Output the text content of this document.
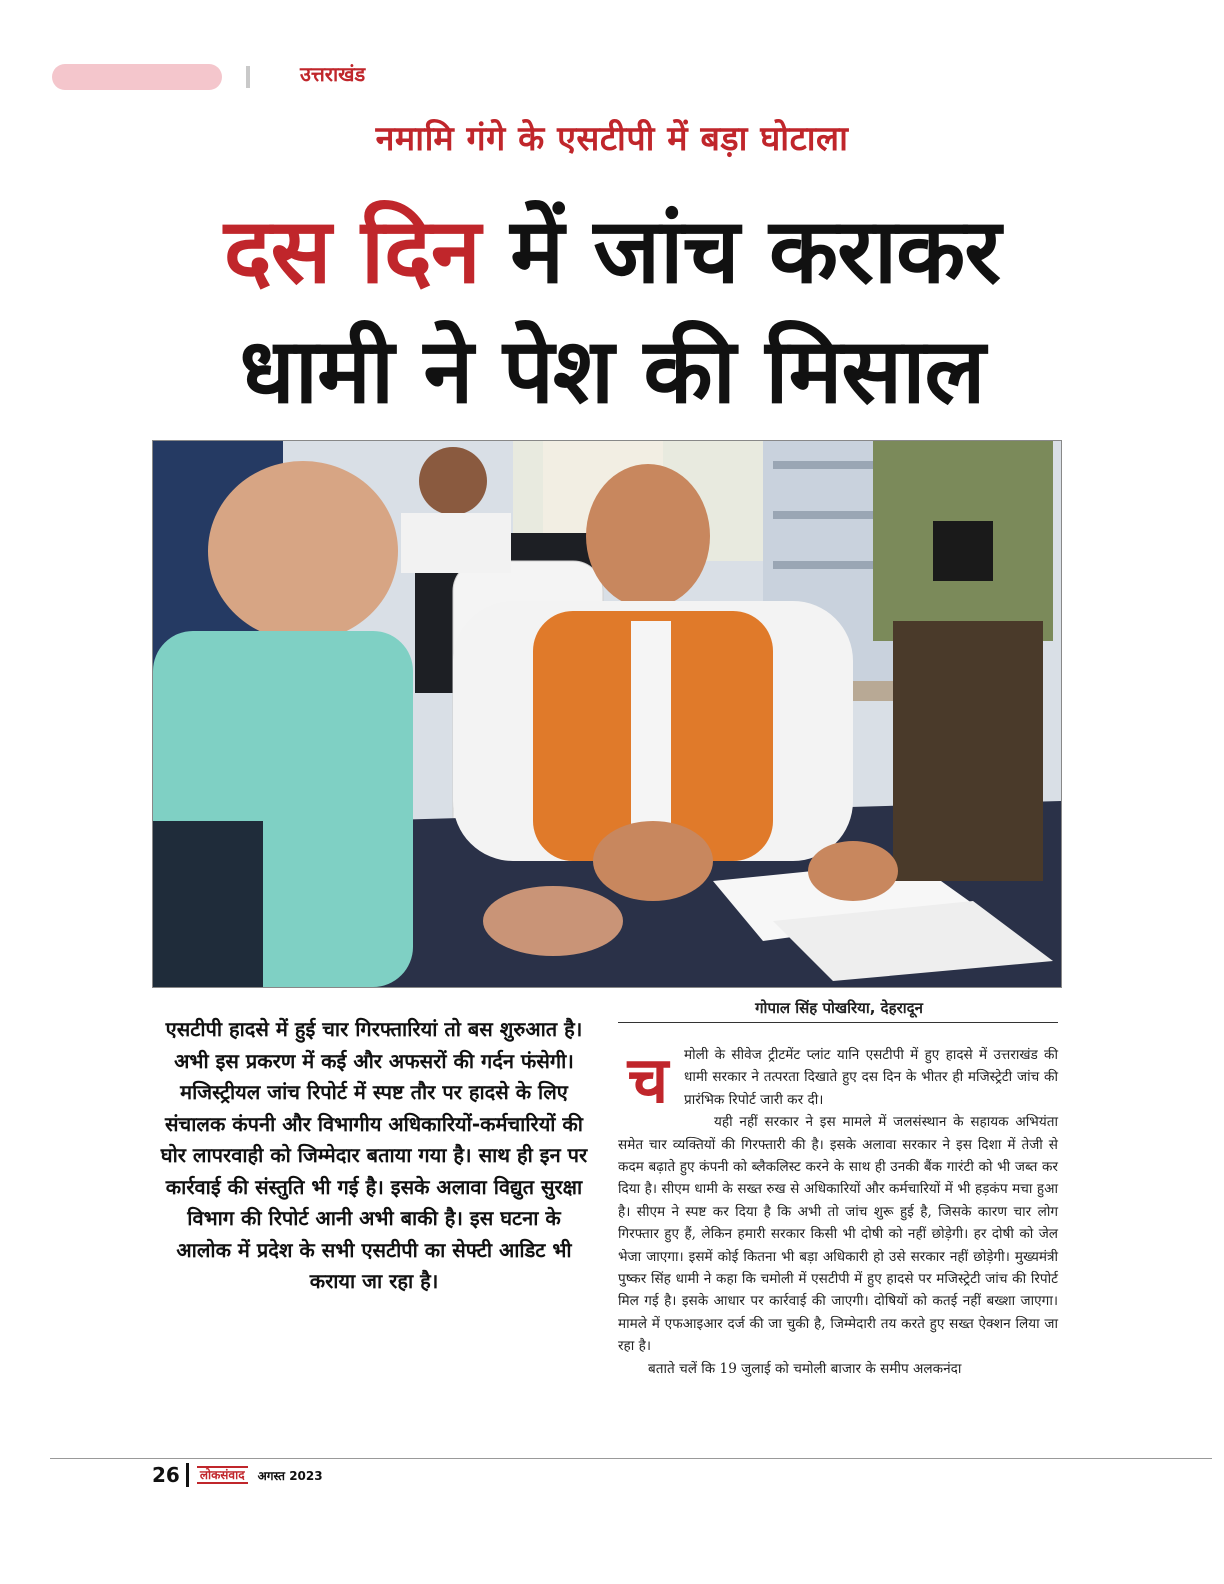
उत्तराखंड
नमामि गंगे के एसटीपी में बड़ा घोटाला
दस दिन में जांच कराकर
धामी ने पेश की मिसाल
गोपाल सिंह पोखरिया, देहरादून
एसटीपी हादसे में हुई चार गिरफ्तारियां तो बस शुरुआत है। अभी इस प्रकरण में कई और अफसरों की गर्दन फंसेगी। मजिस्ट्रीयल जांच रिपोर्ट में स्पष्ट तौर पर हादसे के लिए संचालक कंपनी और विभागीय अधिकारियों-कर्मचारियों की घोर लापरवाही को जिम्मेदार बताया गया है। साथ ही इन पर कार्रवाई की संस्तुति भी गई है। इसके अलावा विद्युत सुरक्षा विभाग की रिपोर्ट आनी अभी बाकी है। इस घटना के आलोक में प्रदेश के सभी एसटीपी का सेफ्टी आडिट भी कराया जा रहा है।

मोली के सीवेज ट्रीटमेंट प्लांट यानि एसटीपी में हुए हादसे में उत्तराखंड की धामी सरकार ने तत्परता दिखाते हुए दस दिन के भीतर ही मजिस्ट्रेटी जांच की प्रारंभिक रिपोर्ट जारी कर दी।

यही नहीं सरकार ने इस मामले में जलसंस्थान के सहायक अभियंता समेत चार व्यक्तियों की गिरफ्तारी की है। इसके अलावा सरकार ने इस दिशा में तेजी से कदम बढ़ाते हुए कंपनी को ब्लैकलिस्ट करने के साथ ही उनकी बैंक गारंटी को भी जब्त कर दिया है। सीएम धामी के सख्त रुख से अधिकारियों और कर्मचारियों में भी हड़कंप मचा हुआ है। सीएम ने स्पष्ट कर दिया है कि अभी तो जांच शुरू हुई है, जिसके कारण चार लोग गिरफ्तार हुए हैं, लेकिन हमारी सरकार किसी भी दोषी को नहीं छोड़ेगी। हर दोषी को जेल भेजा जाएगा। इसमें कोई कितना भी बड़ा अधिकारी हो उसे सरकार नहीं छोड़ेगी। मुख्यमंत्री पुष्कर सिंह धामी ने कहा कि चमोली में एसटीपी में हुए हादसे पर मजिस्ट्रेटी जांच की रिपोर्ट मिल गई है। इसके आधार पर कार्रवाई की जाएगी। दोषियों को कतई नहीं बख्शा जाएगा। मामले में एफआइआर दर्ज की जा चुकी है, जिम्मेदारी तय करते हुए सख्त ऐक्शन लिया जा रहा है।

बताते चलें कि 19 जुलाई को चमोली बाजार के समीप अलकनंदा

च
26 लोकसंवाद अगस्त 2023
